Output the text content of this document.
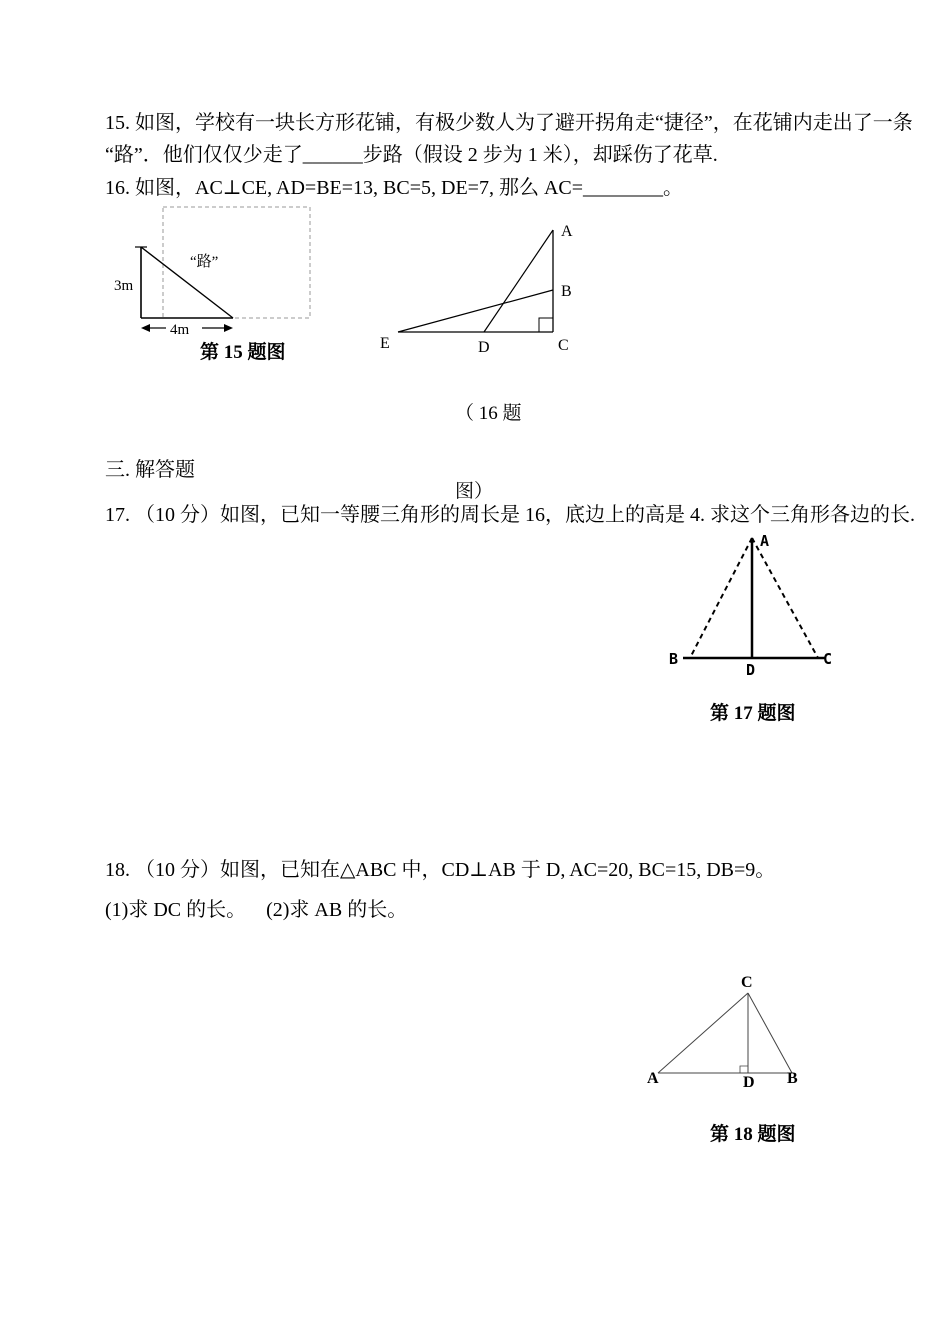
15. 如图，学校有一块长方形花铺，有极少数人为了避开拐角走“捷径”，在花铺内走出了一条
“路”．他们仅仅少走了______步路（假设 2 步为 1 米），却踩伤了花草.
16. 如图，AC⊥CE, AD=BE=13, BC=5, DE=7, 那么 AC=________。
“路”
3m
4m
第 15 题图
A
B
C
D
E

（ 16 题

图）

三. 解答题
17. （10 分）如图，已知一等腰三角形的周长是 16，底边上的高是 4. 求这个三角形各边的长.
A
B	C
D
第 17 题图
18. （10 分）如图，已知在△ABC 中，CD⊥AB 于 D, AC=20, BC=15, DB=9。
(1)求 DC 的长。    (2)求 AB 的长。
C
A	D B
第 18 题图
